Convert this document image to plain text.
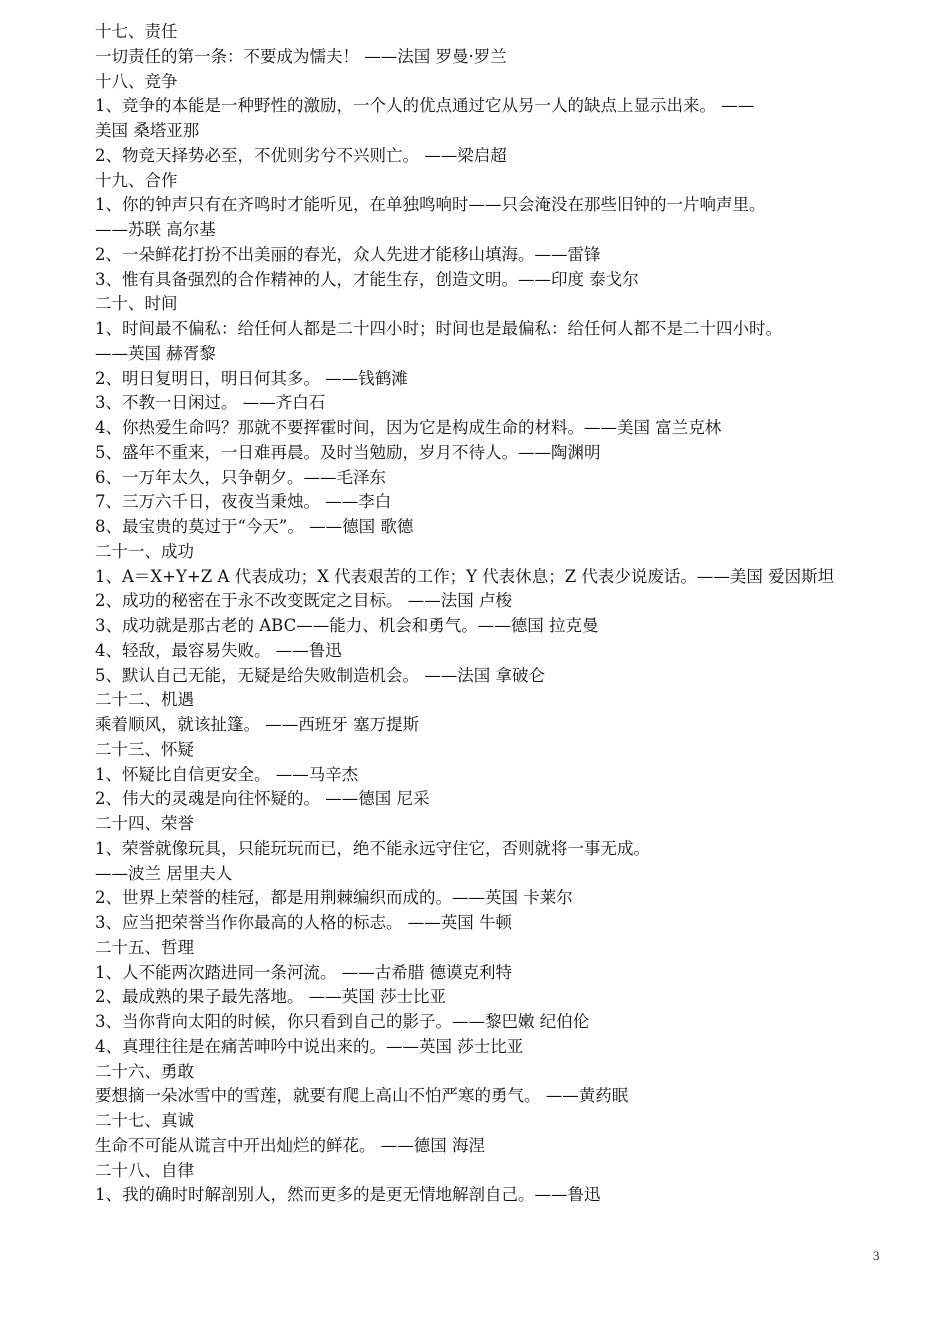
十七、责任
一切责任的第一条：不要成为懦夫！ ——法国 罗曼·罗兰
十八、竞争
1、竞争的本能是一种野性的激励，一个人的优点通过它从另一人的缺点上显示出来。 ——
美国 桑塔亚那
2、物竞天择势必至，不优则劣兮不兴则亡。 ——梁启超
十九、合作
1、你的钟声只有在齐鸣时才能听见，在单独鸣响时——只会淹没在那些旧钟的一片响声里。
——苏联 高尔基
2、一朵鲜花打扮不出美丽的春光，众人先进才能移山填海。——雷锋
3、惟有具备强烈的合作精神的人，才能生存，创造文明。——印度 泰戈尔
二十、时间
1、时间最不偏私：给任何人都是二十四小时；时间也是最偏私：给任何人都不是二十四小时。
——英国 赫胥黎
2、明日复明日，明日何其多。 ——钱鹤滩
3、不教一日闲过。 ——齐白石
4、你热爱生命吗？那就不要挥霍时间，因为它是构成生命的材料。——美国 富兰克林
5、盛年不重来，一日难再晨。及时当勉励，岁月不待人。——陶渊明
6、一万年太久，只争朝夕。——毛泽东
7、三万六千日，夜夜当秉烛。 ——李白
8、最宝贵的莫过于“今天”。 ——德国 歌德
二十一、成功
1、A＝X+Y+Z A 代表成功；X 代表艰苦的工作；Y 代表休息；Z 代表少说废话。——美国 爱因斯坦
2、成功的秘密在于永不改变既定之目标。 ——法国 卢梭
3、成功就是那古老的 ABC——能力、机会和勇气。——德国 拉克曼
4、轻敌，最容易失败。 ——鲁迅
5、默认自己无能，无疑是给失败制造机会。 ——法国 拿破仑
二十二、机遇
乘着顺风，就该扯篷。 ——西班牙 塞万提斯
二十三、怀疑
1、怀疑比自信更安全。 ——马辛杰
2、伟大的灵魂是向往怀疑的。 ——德国 尼采
二十四、荣誉
1、荣誉就像玩具，只能玩玩而已，绝不能永远守住它，否则就将一事无成。
——波兰 居里夫人
2、世界上荣誉的桂冠，都是用荆棘编织而成的。——英国 卡莱尔
3、应当把荣誉当作你最高的人格的标志。 ——英国 牛顿
二十五、哲理
1、人不能两次踏进同一条河流。 ——古希腊 德谟克利特
2、最成熟的果子最先落地。 ——英国 莎士比亚
3、当你背向太阳的时候，你只看到自己的影子。——黎巴嫩 纪伯伦
4、真理往往是在痛苦呻吟中说出来的。——英国 莎士比亚
二十六、勇敢
要想摘一朵冰雪中的雪莲，就要有爬上高山不怕严寒的勇气。 ——黄药眠
二十七、真诚
生命不可能从谎言中开出灿烂的鲜花。 ——德国 海涅
二十八、自律
1、我的确时时解剖别人，然而更多的是更无情地解剖自己。——鲁迅
3
